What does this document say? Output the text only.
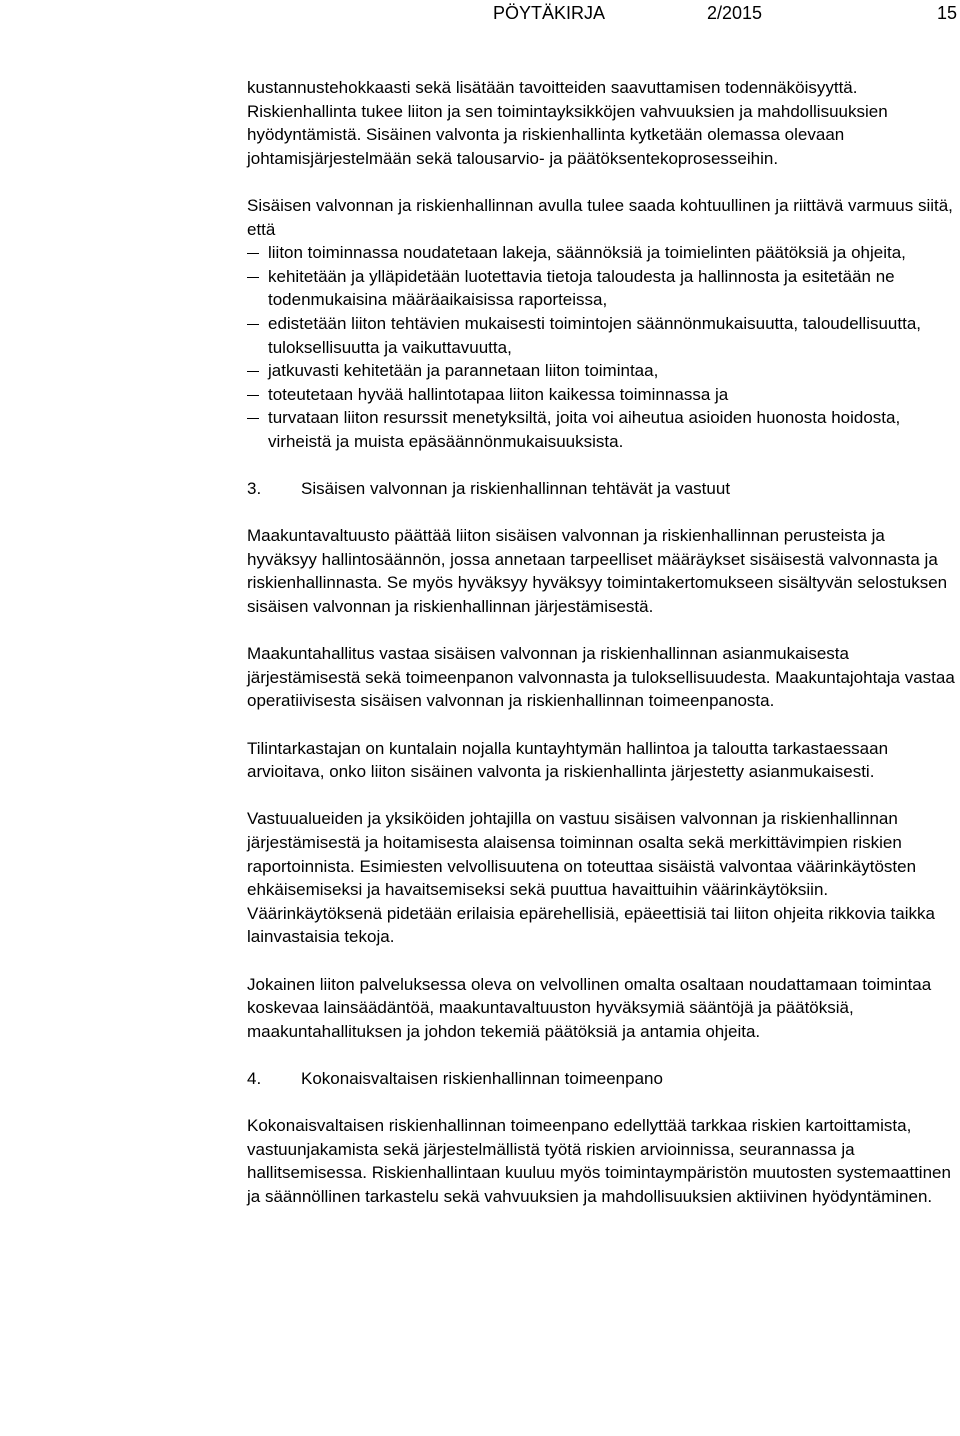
PÖYTÄKIRJA	2/2015	15

kustannustehokkaasti sekä lisätään tavoitteiden saavuttamisen todennäköisyyttä. Riskienhallinta tukee liiton ja sen toimintayksikköjen vahvuuksien ja mahdollisuuksien hyödyntämistä. Sisäinen valvonta ja riskienhallinta kytketään olemassa olevaan johtamisjärjestelmään sekä talousarvio- ja päätöksentekoprosesseihin.

Sisäisen valvonnan ja riskienhallinnan avulla tulee saada kohtuullinen ja riittävä varmuus siitä, että

liiton toiminnassa noudatetaan lakeja, säännöksiä ja toimielinten päätöksiä ja ohjeita,
kehitetään ja ylläpidetään luotettavia tietoja taloudesta ja hallinnosta ja esitetään ne todenmukaisina määräaikaisissa raporteissa,
edistetään liiton tehtävien mukaisesti toimintojen säännönmukaisuutta, taloudellisuutta, tuloksellisuutta ja vaikuttavuutta,
jatkuvasti kehitetään ja parannetaan liiton toimintaa,
toteutetaan hyvää hallintotapaa liiton kaikessa toiminnassa ja
turvataan liiton resurssit menetyksiltä, joita voi aiheutua asioiden huonosta hoidosta, virheistä ja muista epäsäännönmukaisuuksista.
3.	Sisäisen valvonnan ja riskienhallinnan tehtävät ja vastuut

Maakuntavaltuusto päättää liiton sisäisen valvonnan ja riskienhallinnan perusteista ja hyväksyy hallintosäännön, jossa annetaan tarpeelliset määräykset sisäisestä valvonnasta ja riskienhallinnasta. Se myös hyväksyy hyväksyy toimintakertomukseen sisältyvän selostuksen sisäisen valvonnan ja riskienhallinnan järjestämisestä.

Maakuntahallitus vastaa sisäisen valvonnan ja riskienhallinnan asianmukaisesta järjestämisestä sekä toimeenpanon valvonnasta ja tuloksellisuudesta. Maakuntajohtaja vastaa operatiivisesta sisäisen valvonnan ja riskienhallinnan toimeenpanosta.

Tilintarkastajan on kuntalain nojalla kuntayhtymän hallintoa ja taloutta tarkastaessaan arvioitava, onko liiton sisäinen valvonta ja riskienhallinta järjestetty asianmukaisesti.

Vastuualueiden ja yksiköiden johtajilla on vastuu sisäisen valvonnan ja riskienhallinnan järjestämisestä ja hoitamisesta alaisensa toiminnan osalta sekä merkittävimpien riskien raportoinnista. Esimiesten velvollisuutena on toteuttaa sisäistä valvontaa väärinkäytösten ehkäisemiseksi ja havaitsemiseksi sekä puuttua havaittuihin väärinkäytöksiin. Väärinkäytöksenä pidetään erilaisia epärehellisiä, epäeettisiä tai liiton ohjeita rikkovia taikka lainvastaisia tekoja.

Jokainen liiton palveluksessa oleva on velvollinen omalta osaltaan noudattamaan toimintaa koskevaa lainsäädäntöä, maakuntavaltuuston hyväksymiä sääntöjä ja päätöksiä, maakuntahallituksen ja johdon tekemiä päätöksiä ja antamia ohjeita.

4.	Kokonaisvaltaisen riskienhallinnan toimeenpano

Kokonaisvaltaisen riskienhallinnan toimeenpano edellyttää tarkkaa riskien kartoittamista, vastuunjakamista sekä järjestelmällistä työtä riskien arvioinnissa, seurannassa ja hallitsemisessa. Riskienhallintaan kuuluu myös toimintaympäristön muutosten systemaattinen ja säännöllinen tarkastelu sekä vahvuuksien ja mahdollisuuksien aktiivinen hyödyntäminen.
